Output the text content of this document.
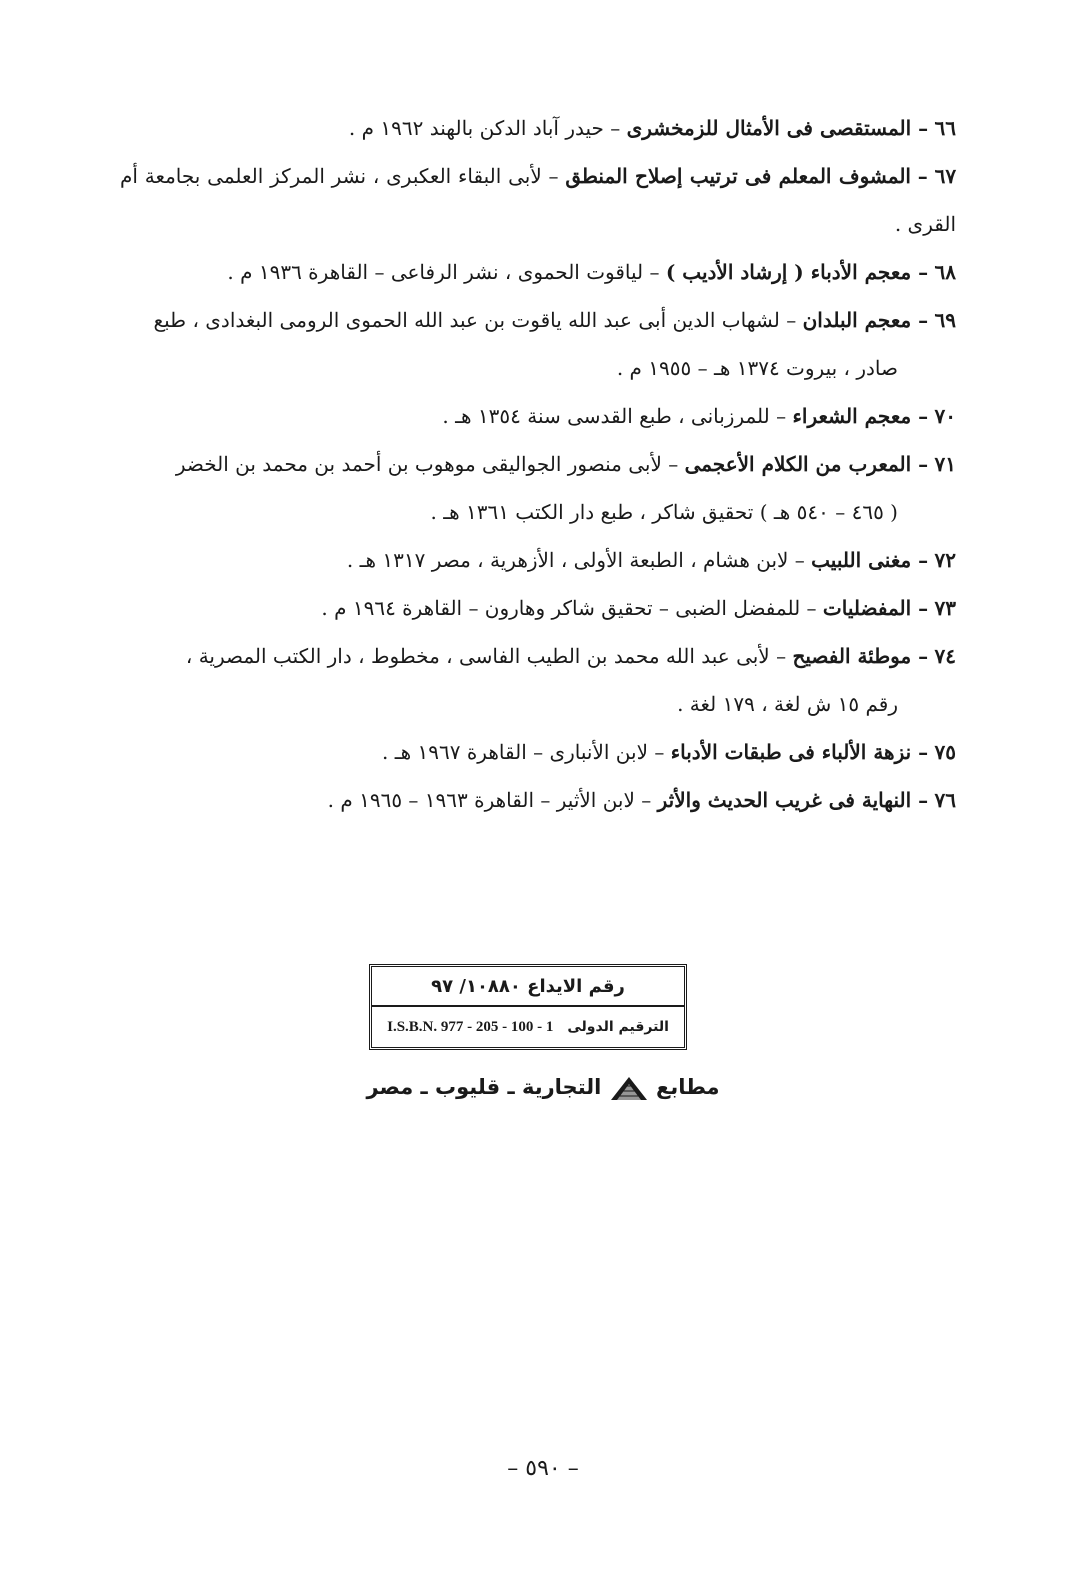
٦٦ – المستقصى فى الأمثال للزمخشرى – حيدر آباد الدكن بالهند ١٩٦٢ م .
٦٧ – المشوف المعلم فى ترتيب إصلاح المنطق – لأبى البقاء العكبرى ، نشر المركز العلمى بجامعة أم القرى .
٦٨ – معجم الأدباء ( إرشاد الأديب ) – لياقوت الحموى ، نشر الرفاعى – القاهرة ١٩٣٦ م .
٦٩ – معجم البلدان – لشهاب الدين أبى عبد الله ياقوت بن عبد الله الحموى الرومى البغدادى ، طبع
صادر ، بيروت ١٣٧٤ هـ – ١٩٥٥ م .
٧٠ – معجم الشعراء – للمرزبانى ، طبع القدسى سنة ١٣٥٤ هـ .
٧١ – المعرب من الكلام الأعجمى – لأبى منصور الجواليقى موهوب بن أحمد بن محمد بن الخضر
( ٤٦٥ – ٥٤٠ هـ ) تحقيق شاكر ، طبع دار الكتب ١٣٦١ هـ .
٧٢ – مغنى اللبيب – لابن هشام ، الطبعة الأولى ، الأزهرية ، مصر ١٣١٧ هـ .
٧٣ – المفضليات – للمفضل الضبى – تحقيق شاكر وهارون – القاهرة ١٩٦٤ م .
٧٤ – موطئة الفصيح – لأبى عبد الله محمد بن الطيب الفاسى ، مخطوط ، دار الكتب المصرية ،
رقم ١٥ ش لغة ، ١٧٩ لغة .
٧٥ – نزهة الألباء فى طبقات الأدباء – لابن الأنبارى – القاهرة ١٩٦٧ هـ .
٧٦ – النهاية فى غريب الحديث والأثر – لابن الأثير – القاهرة ١٩٦٣ – ١٩٦٥ م .
رقم الايداع ١٠٨٨٠/ ٩٧
الترقيم الدولى
I.S.B.N. 977 - 205 - 100 - 1
مطابع  التجارية ـ قليوب ـ مصر
– ٥٩٠ –
